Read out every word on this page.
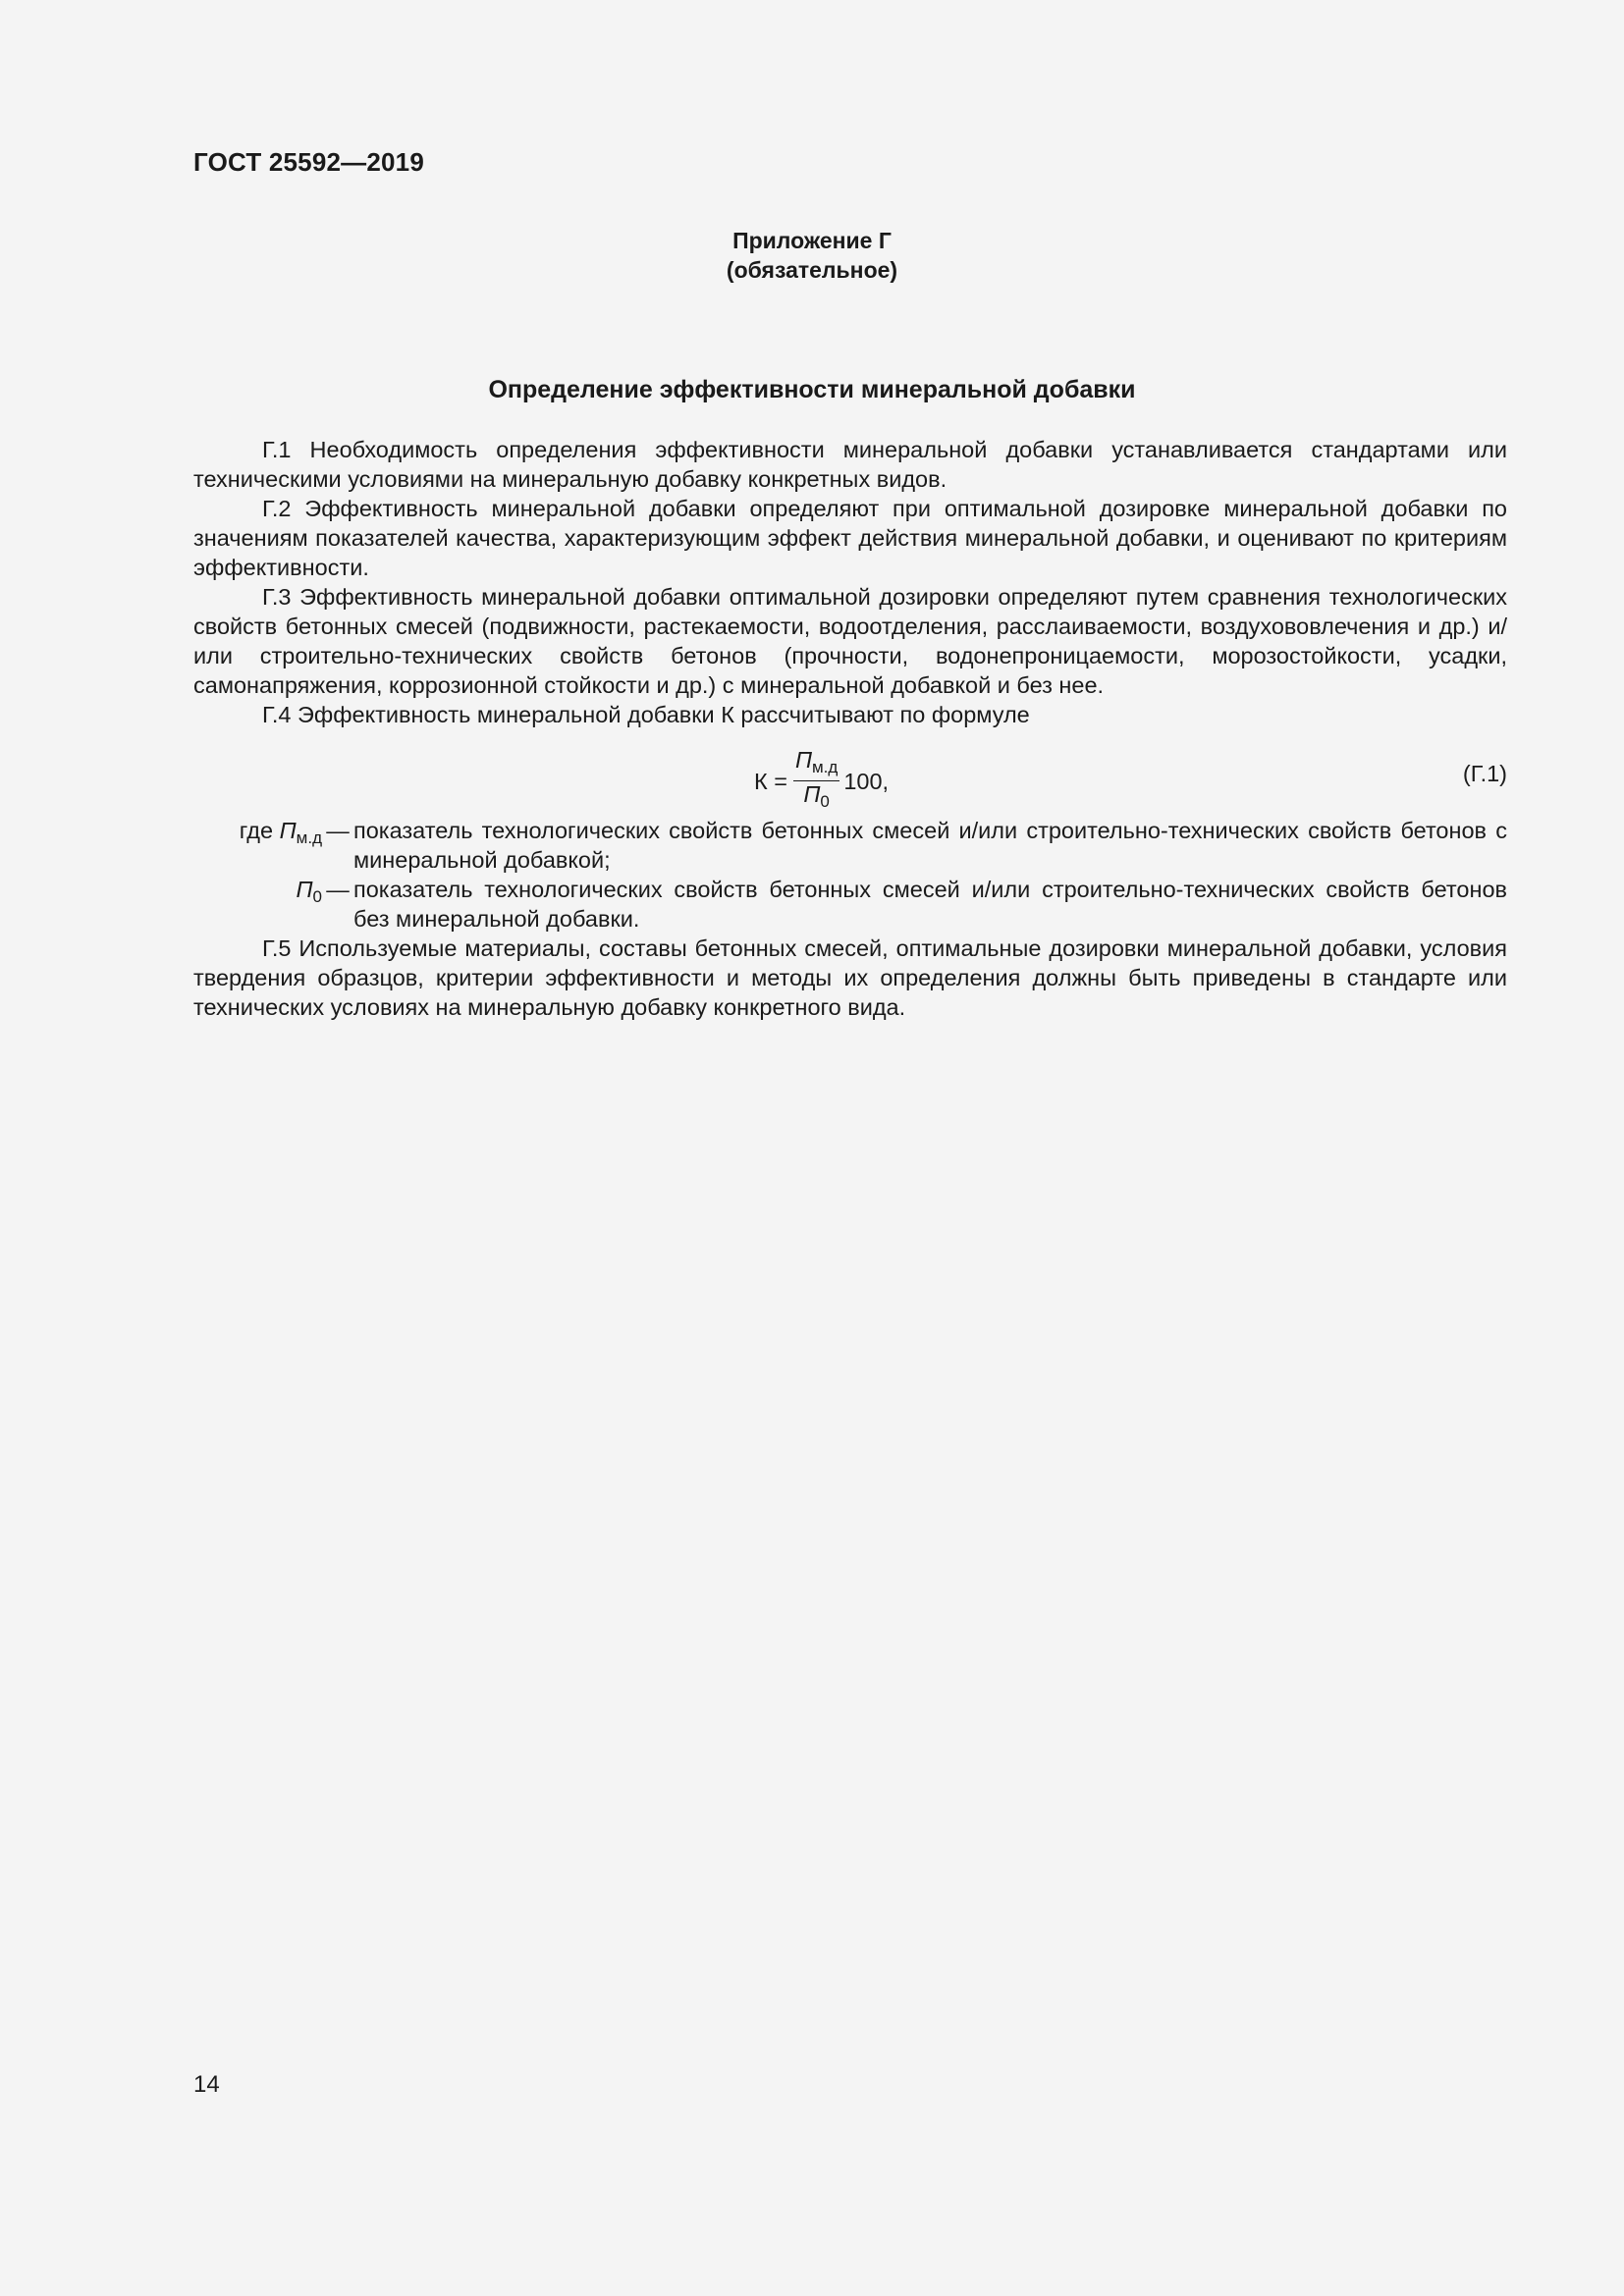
ГОСТ 25592—2019
Приложение Г
(обязательное)
Определение эффективности минеральной добавки

Г.1 Необходимость определения эффективности минеральной добавки устанавливается стандартами или техническими условиями на минеральную добавку конкретных видов.

Г.2 Эффективность минеральной добавки определяют при оптимальной дозировке минеральной добавки по значениям показателей качества, характеризующим эффект действия минеральной добавки, и оценивают по критериям эффективности.

Г.3 Эффективность минеральной добавки оптимальной дозировки определяют путем сравнения технологических свойств бетонных смесей (подвижности, растекаемости, водоотделения, расслаиваемости, воздухововлечения и др.) и/или строительно-технических свойств бетонов (прочности, водонепроницаемости, морозостойкости, усадки, самонапряжения, коррозионной стойкости и др.) с минеральной добавкой и без нее.

Г.4 Эффективность минеральной добавки К рассчитывают по формуле

$К = \frac{П_{м.д}}{П_0} 100$,	(Г.1)
где $П_{м.д}$ — показатель технологических свойств бетонных смесей и/или строительно-технических свойств бетонов с минеральной добавкой;
$П_0$ — показатель технологических свойств бетонных смесей и/или строительно-технических свойств бетонов без минеральной добавки.

Г.5 Используемые материалы, составы бетонных смесей, оптимальные дозировки минеральной добавки, условия твердения образцов, критерии эффективности и методы их определения должны быть приведены в стандарте или технических условиях на минеральную добавку конкретного вида.

14
